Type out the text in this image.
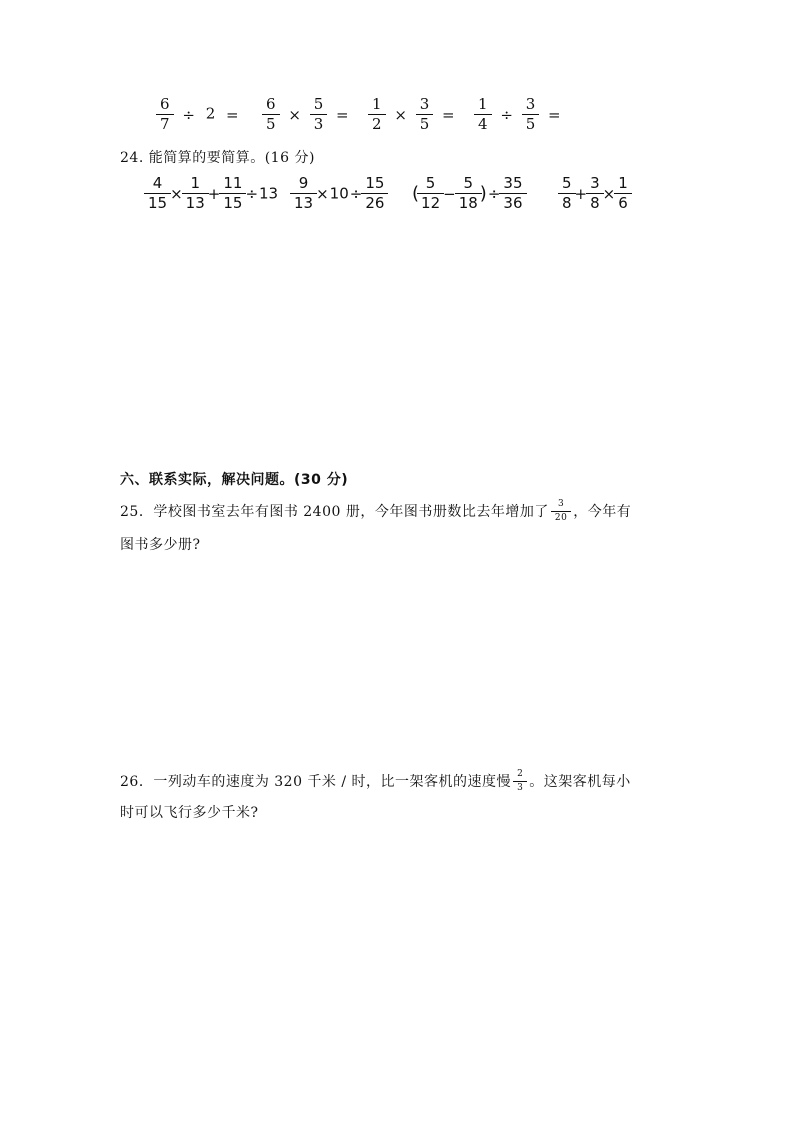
$\frac{6}{7} \div 2$ =	$\frac{6}{5} \times \frac{5}{3}$ =	$\frac{1}{2} \times \frac{3}{5}$ =	$\frac{1}{4} \div \frac{3}{5}$ =
24. 能简算的要简算。(16 分)
$\frac{4}{15} \times \frac{1}{13} + \frac{11}{15} \div 13 \frac{9}{13} \times 10\div \frac{15}{26}$ ( $\frac{5}{12} - \frac{5}{18}$ )÷ $\frac{35}{36} \frac{5}{8} + \frac{3}{8} \times \frac{1}{6}$
六、联系实际，解决问题。(30 分)
25．学校图书室去年有图书 2400 册，今年图书册数比去年增加了 $\frac{3}{20}$ ，今年有
图书多少册?
26．一列动车的速度为 320 千米 / 时，比一架客机的速度慢 $\frac{2}{3}$ 。这架客机每小
时可以飞行多少千米?
